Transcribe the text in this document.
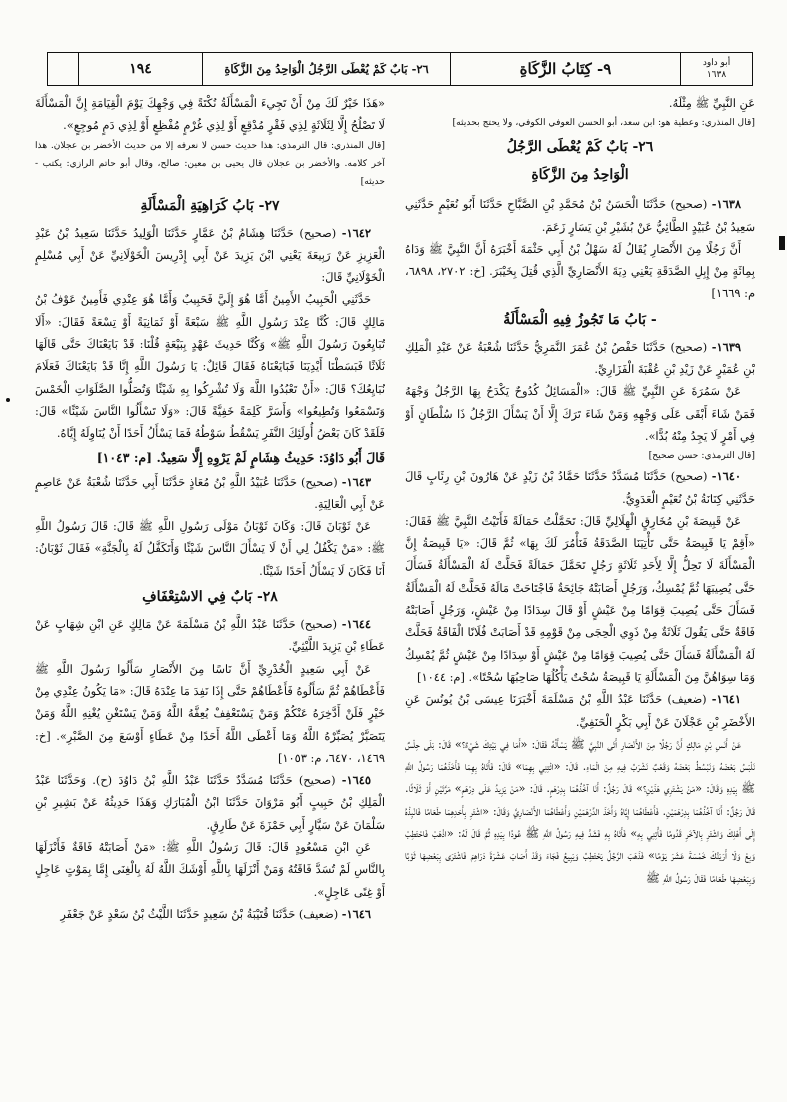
أبو داود
١٦٣٨
٩- كِتَابُ الزَّكَاةِ
٢٦- بَابٌ كَمْ يُعْطَى الرَّجُلُ الْوَاحِدُ مِنَ الزَّكَاةِ
١٩٤

عَنِ النَّبِيِّ ﷺ مِثْلَهُ.

[قال المنذري: وعطية هو: ابن سعد، أبو الحسن العوفي الكوفي، ولا يحتج بحديثه]

٢٦- بَابٌ كَمْ يُعْطَى الرَّجُلُ
الْوَاحِدُ مِنَ الزَّكَاةِ

١٦٣٨- (صحيح) حَدَّثَنَا الْحَسَنُ بْنُ مُحَمَّدِ بْنِ الصَّبَّاحِ حَدَّثَنَا أَبُو نُعَيْمٍ حَدَّثَنِي سَعِيدُ بْنُ عُبَيْدٍ الطَّائِيُّ عَنْ بُشَيْرِ بْنِ يَسَارٍ زَعَمَ.

أَنَّ رَجُلًا مِنَ الأَنْصَارِ يُقَالُ لَهُ سَهْلُ بْنُ أَبِي حَثْمَةَ أَخْبَرَهُ أَنَّ النَّبِيَّ ﷺ وَدَاهُ بِمِائَةٍ مِنْ إِبِلِ الصَّدَقَةِ يَعْنِي دِيَةَ الأَنْصَارِيِّ الَّذِي قُتِلَ بِخَيْبَرَ. [خ: ٢٧٠٢، ٦٨٩٨، م: ١٦٦٩]

- بَابُ مَا تَجُوزُ فِيهِ الْمَسْأَلَةُ

١٦٣٩- (صحيح) حَدَّثَنَا حَفْصُ بْنُ عُمَرَ النَّمَرِيُّ حَدَّثَنَا شُعْبَةُ عَنْ عَبْدِ الْمَلِكِ بْنِ عُمَيْرٍ عَنْ زَيْدِ بْنِ عُقْبَةَ الْفَزَارِيِّ.

عَنْ سَمُرَةَ عَنِ النَّبِيِّ ﷺ قَالَ: «الْمَسَائِلُ كُدُوحٌ يَكْدَحُ بِهَا الرَّجُلُ وَجْهَهُ فَمَنْ شَاءَ أَبْقَى عَلَى وَجْهِهِ وَمَنْ شَاءَ تَرَكَ إِلَّا أَنْ يَسْأَلَ الرَّجُلُ ذَا سُلْطَانٍ أَوْ فِي أَمْرٍ لَا يَجِدُ مِنْهُ بُدًّا».

[قال الترمذي: حسن صحيح]

١٦٤٠- (صحيح) حَدَّثَنَا مُسَدَّدٌ حَدَّثَنَا حَمَّادُ بْنُ زَيْدٍ عَنْ هَارُونَ بْنِ رِئَابٍ قَالَ حَدَّثَنِي كِنَانَةُ بْنُ نُعَيْمٍ الْعَدَوِيُّ.

عَنْ قَبِيصَةَ بْنِ مُخَارِقٍ الْهِلَالِيِّ قَالَ: تَحَمَّلْتُ حَمَالَةً فَأَتَيْتُ النَّبِيَّ ﷺ فَقَالَ: «أَقِمْ يَا قَبِيصَةُ حَتَّى تَأْتِيَنَا الصَّدَقَةُ فَنَأْمُرَ لَكَ بِهَا» ثُمَّ قَالَ: «يَا قَبِيصَةُ إِنَّ الْمَسْأَلَةَ لَا تَحِلُّ إِلَّا لِأَحَدِ ثَلَاثَةٍ رَجُلٍ تَحَمَّلَ حَمَالَةً فَحَلَّتْ لَهُ الْمَسْأَلَةُ فَسَأَلَ حَتَّى يُصِيبَهَا ثُمَّ يُمْسِكُ، وَرَجُلٍ أَصَابَتْهُ جَائِحَةٌ فَاجْتَاحَتْ مَالَهُ فَحَلَّتْ لَهُ الْمَسْأَلَةُ فَسَأَلَ حَتَّى يُصِيبَ قِوَامًا مِنْ عَيْشٍ أَوْ قَالَ سِدَادًا مِنْ عَيْشٍ، وَرَجُلٍ أَصَابَتْهُ فَاقَةٌ حَتَّى يَقُولَ ثَلَاثَةٌ مِنْ ذَوِي الْحِجَى مِنْ قَوْمِهِ قَدْ أَصَابَتْ فُلَانًا الْفَاقَةُ فَحَلَّتْ لَهُ الْمَسْأَلَةُ فَسَأَلَ حَتَّى يُصِيبَ قِوَامًا مِنْ عَيْشٍ أَوْ سِدَادًا مِنْ عَيْشٍ ثُمَّ يُمْسِكُ وَمَا سِوَاهُنَّ مِنَ الْمَسْأَلَةِ يَا قَبِيصَةُ سُحْتٌ يَأْكُلُهَا صَاحِبُهَا سُحْتًا». [م: ١٠٤٤]

١٦٤١- (ضعيف) حَدَّثَنَا عَبْدُ اللَّهِ بْنُ مَسْلَمَةَ أَخْبَرَنَا عِيسَى بْنُ يُونُسَ عَنِ الأَخْضَرِ بْنِ عَجْلَانَ عَنْ أَبِي بَكْرٍ الْحَنَفِيِّ.

عَنْ أَنَسِ بْنِ مَالِكٍ أَنَّ رَجُلًا مِنَ الأَنْصَارِ أَتَى النَّبِيَّ ﷺ يَسْأَلُهُ فَقَالَ: «أَمَا فِي بَيْتِكَ شَيْءٌ؟» قَالَ: بَلَى حِلْسٌ نَلْبَسُ بَعْضَهُ وَنَبْسُطُ بَعْضَهُ وَقَعْبٌ نَشْرَبُ فِيهِ مِنَ الْمَاءِ. قَالَ: «ائْتِنِي بِهِمَا» قَالَ: فَأَتَاهُ بِهِمَا فَأَخَذَهُمَا رَسُولُ اللَّهِ ﷺ بِيَدِهِ وَقَالَ: «مَنْ يَشْتَرِي هَذَيْنِ؟» قَالَ رَجُلٌ: أَنَا آخُذُهُمَا بِدِرْهَمٍ. قَالَ: «مَنْ يَزِيدُ عَلَى دِرْهَمٍ» مَرَّتَيْنِ أَوْ ثَلَاثًا. قَالَ رَجُلٌ: أَنَا آخُذُهُمَا بِدِرْهَمَيْنِ. فَأَعْطَاهُمَا إِيَّاهُ وَأَخَذَ الدِّرْهَمَيْنِ وَأَعْطَاهُمَا الأَنْصَارِيَّ وَقَالَ: «اشْتَرِ بِأَحَدِهِمَا طَعَامًا فَانْبِذْهُ إِلَى أَهْلِكَ وَاشْتَرِ بِالآخَرِ قَدُومًا فَأْتِنِي بِهِ» فَأَتَاهُ بِهِ فَشَدَّ فِيهِ رَسُولُ اللَّهِ ﷺ عُودًا بِيَدِهِ ثُمَّ قَالَ لَهُ: «اذْهَبْ فَاحْتَطِبْ وَبِعْ وَلَا أَرَيَنَّكَ خَمْسَةَ عَشَرَ يَوْمًا» فَذَهَبَ الرَّجُلُ يَحْتَطِبُ وَيَبِيعُ فَجَاءَ وَقَدْ أَصَابَ عَشْرَةَ دَرَاهِمَ فَاشْتَرَى بِبَعْضِهَا ثَوْبًا وَبِبَعْضِهَا طَعَامًا فَقَالَ رَسُولُ اللَّهِ ﷺ

«هَذَا خَيْرٌ لَكَ مِنْ أَنْ تَجِيءَ الْمَسْأَلَةُ نُكْتَةً فِي وَجْهِكَ يَوْمَ الْقِيَامَةِ إِنَّ الْمَسْأَلَةَ لَا تَصْلُحُ إِلَّا لِثَلَاثَةٍ لِذِي فَقْرٍ مُدْقِعٍ أَوْ لِذِي غُرْمٍ مُفْظِعٍ أَوْ لِذِي دَمٍ مُوجِعٍ».

[قال المنذري: قال الترمذي: هذا حديث حسن لا نعرفه إلا من حديث الأخضر بن عجلان. هذا آخر كلامه. والأخضر بن عجلان قال يحيى بن معين: صالح، وقال أبو حاتم الرازي: يكتب - حديثه]

٢٧- بَابُ كَرَاهِيَةِ الْمَسْأَلَةِ

١٦٤٢- (صحيح) حَدَّثَنَا هِشَامُ بْنُ عَمَّارٍ حَدَّثَنَا الْوَلِيدُ حَدَّثَنَا سَعِيدُ بْنُ عَبْدِ الْعَزِيزِ عَنْ رَبِيعَةَ يَعْنِي ابْنَ يَزِيدَ عَنْ أَبِي إِدْرِيسَ الْخَوْلَانِيِّ عَنْ أَبِي مُسْلِمٍ الْخَوْلَانِيِّ قَالَ:

حَدَّثَنِي الْحَبِيبُ الأَمِينُ أَمَّا هُوَ إِلَيَّ فَحَبِيبٌ وَأَمَّا هُوَ عِنْدِي فَأَمِينٌ عَوْفُ بْنُ مَالِكٍ قَالَ: كُنَّا عِنْدَ رَسُولِ اللَّهِ ﷺ سَبْعَةً أَوْ ثَمَانِيَةً أَوْ تِسْعَةً فَقَالَ: «أَلَا تُبَايِعُونَ رَسُولَ اللَّهِ ﷺ» وَكُنَّا حَدِيثَ عَهْدٍ بِبَيْعَةٍ قُلْنَا: قَدْ بَايَعْنَاكَ حَتَّى قَالَهَا ثَلَاثًا فَبَسَطْنَا أَيْدِيَنَا فَبَايَعْنَاهُ فَقَالَ قَائِلٌ: يَا رَسُولَ اللَّهِ إِنَّا قَدْ بَايَعْنَاكَ فَعَلَامَ نُبَايِعُكَ؟ قَالَ: «أَنْ تَعْبُدُوا اللَّهَ وَلَا تُشْرِكُوا بِهِ شَيْئًا وَتُصَلُّوا الصَّلَوَاتِ الْخَمْسَ وَتَسْمَعُوا وَتُطِيعُوا» وَأَسَرَّ كَلِمَةً خَفِيَّةً قَالَ: «وَلَا تَسْأَلُوا النَّاسَ شَيْئًا» قَالَ: فَلَقَدْ كَانَ بَعْضُ أُولَئِكَ النَّفَرِ يَسْقُطُ سَوْطُهُ فَمَا يَسْأَلُ أَحَدًا أَنْ يُنَاوِلَهُ إِيَّاهُ.

قَالَ أَبُو دَاوُدَ: حَدِيثُ هِشَامٍ لَمْ يَرْوِهِ إِلَّا سَعِيدٌ. [م: ١٠٤٣]

١٦٤٣- (صحيح) حَدَّثَنَا عُبَيْدُ اللَّهِ بْنُ مُعَاذٍ حَدَّثَنَا أَبِي حَدَّثَنَا شُعْبَةُ عَنْ عَاصِمٍ عَنْ أَبِي الْعَالِيَةِ.

عَنْ ثَوْبَانَ قَالَ: وَكَانَ ثَوْبَانُ مَوْلَى رَسُولِ اللَّهِ ﷺ قَالَ: قَالَ رَسُولُ اللَّهِ ﷺ: «مَنْ يَكْفُلُ لِي أَنْ لَا يَسْأَلَ النَّاسَ شَيْئًا وَأَتَكَفَّلُ لَهُ بِالْجَنَّةِ» فَقَالَ ثَوْبَانُ: أَنَا فَكَانَ لَا يَسْأَلُ أَحَدًا شَيْئًا.

٢٨- بَابٌ فِي الاسْتِعْفَافِ

١٦٤٤- (صحيح) حَدَّثَنَا عَبْدُ اللَّهِ بْنُ مَسْلَمَةَ عَنْ مَالِكٍ عَنِ ابْنِ شِهَابٍ عَنْ عَطَاءِ بْنِ يَزِيدَ اللَّيْثِيِّ.

عَنْ أَبِي سَعِيدٍ الْخُدْرِيِّ أَنَّ نَاسًا مِنَ الأَنْصَارِ سَأَلُوا رَسُولَ اللَّهِ ﷺ فَأَعْطَاهُمْ ثُمَّ سَأَلُوهُ فَأَعْطَاهُمْ حَتَّى إِذَا نَفِدَ مَا عِنْدَهُ قَالَ: «مَا يَكُونُ عِنْدِي مِنْ خَيْرٍ فَلَنْ أَدَّخِرَهُ عَنْكُمْ وَمَنْ يَسْتَعْفِفْ يُعِفَّهُ اللَّهُ وَمَنْ يَسْتَغْنِ يُغْنِهِ اللَّهُ وَمَنْ يَتَصَبَّرْ يُصَبِّرْهُ اللَّهُ وَمَا أَعْطَى اللَّهُ أَحَدًا مِنْ عَطَاءٍ أَوْسَعَ مِنَ الصَّبْرِ». [خ: ١٤٦٩، ٦٤٧٠، م: ١٠٥٣]

١٦٤٥- (صحيح) حَدَّثَنَا مُسَدَّدٌ حَدَّثَنَا عَبْدُ اللَّهِ بْنُ دَاوُدَ (ح). وَحَدَّثَنَا عَبْدُ الْمَلِكِ بْنُ حَبِيبٍ أَبُو مَرْوَانَ حَدَّثَنَا ابْنُ الْمُبَارَكِ وَهَذَا حَدِيثُهُ عَنْ بَشِيرِ بْنِ سَلْمَانَ عَنْ سَيَّارٍ أَبِي حَمْزَةَ عَنْ طَارِقٍ.

عَنِ ابْنِ مَسْعُودٍ قَالَ: قَالَ رَسُولُ اللَّهِ ﷺ: «مَنْ أَصَابَتْهُ فَاقَةٌ فَأَنْزَلَهَا بِالنَّاسِ لَمْ تُسَدَّ فَاقَتُهُ وَمَنْ أَنْزَلَهَا بِاللَّهِ أَوْشَكَ اللَّهُ لَهُ بِالْغِنَى إِمَّا بِمَوْتٍ عَاجِلٍ أَوْ غِنًى عَاجِلٍ».

١٦٤٦- (ضعيف) حَدَّثَنَا قُتَيْبَةُ بْنُ سَعِيدٍ حَدَّثَنَا اللَّيْثُ بْنُ سَعْدٍ عَنْ جَعْفَرِ
